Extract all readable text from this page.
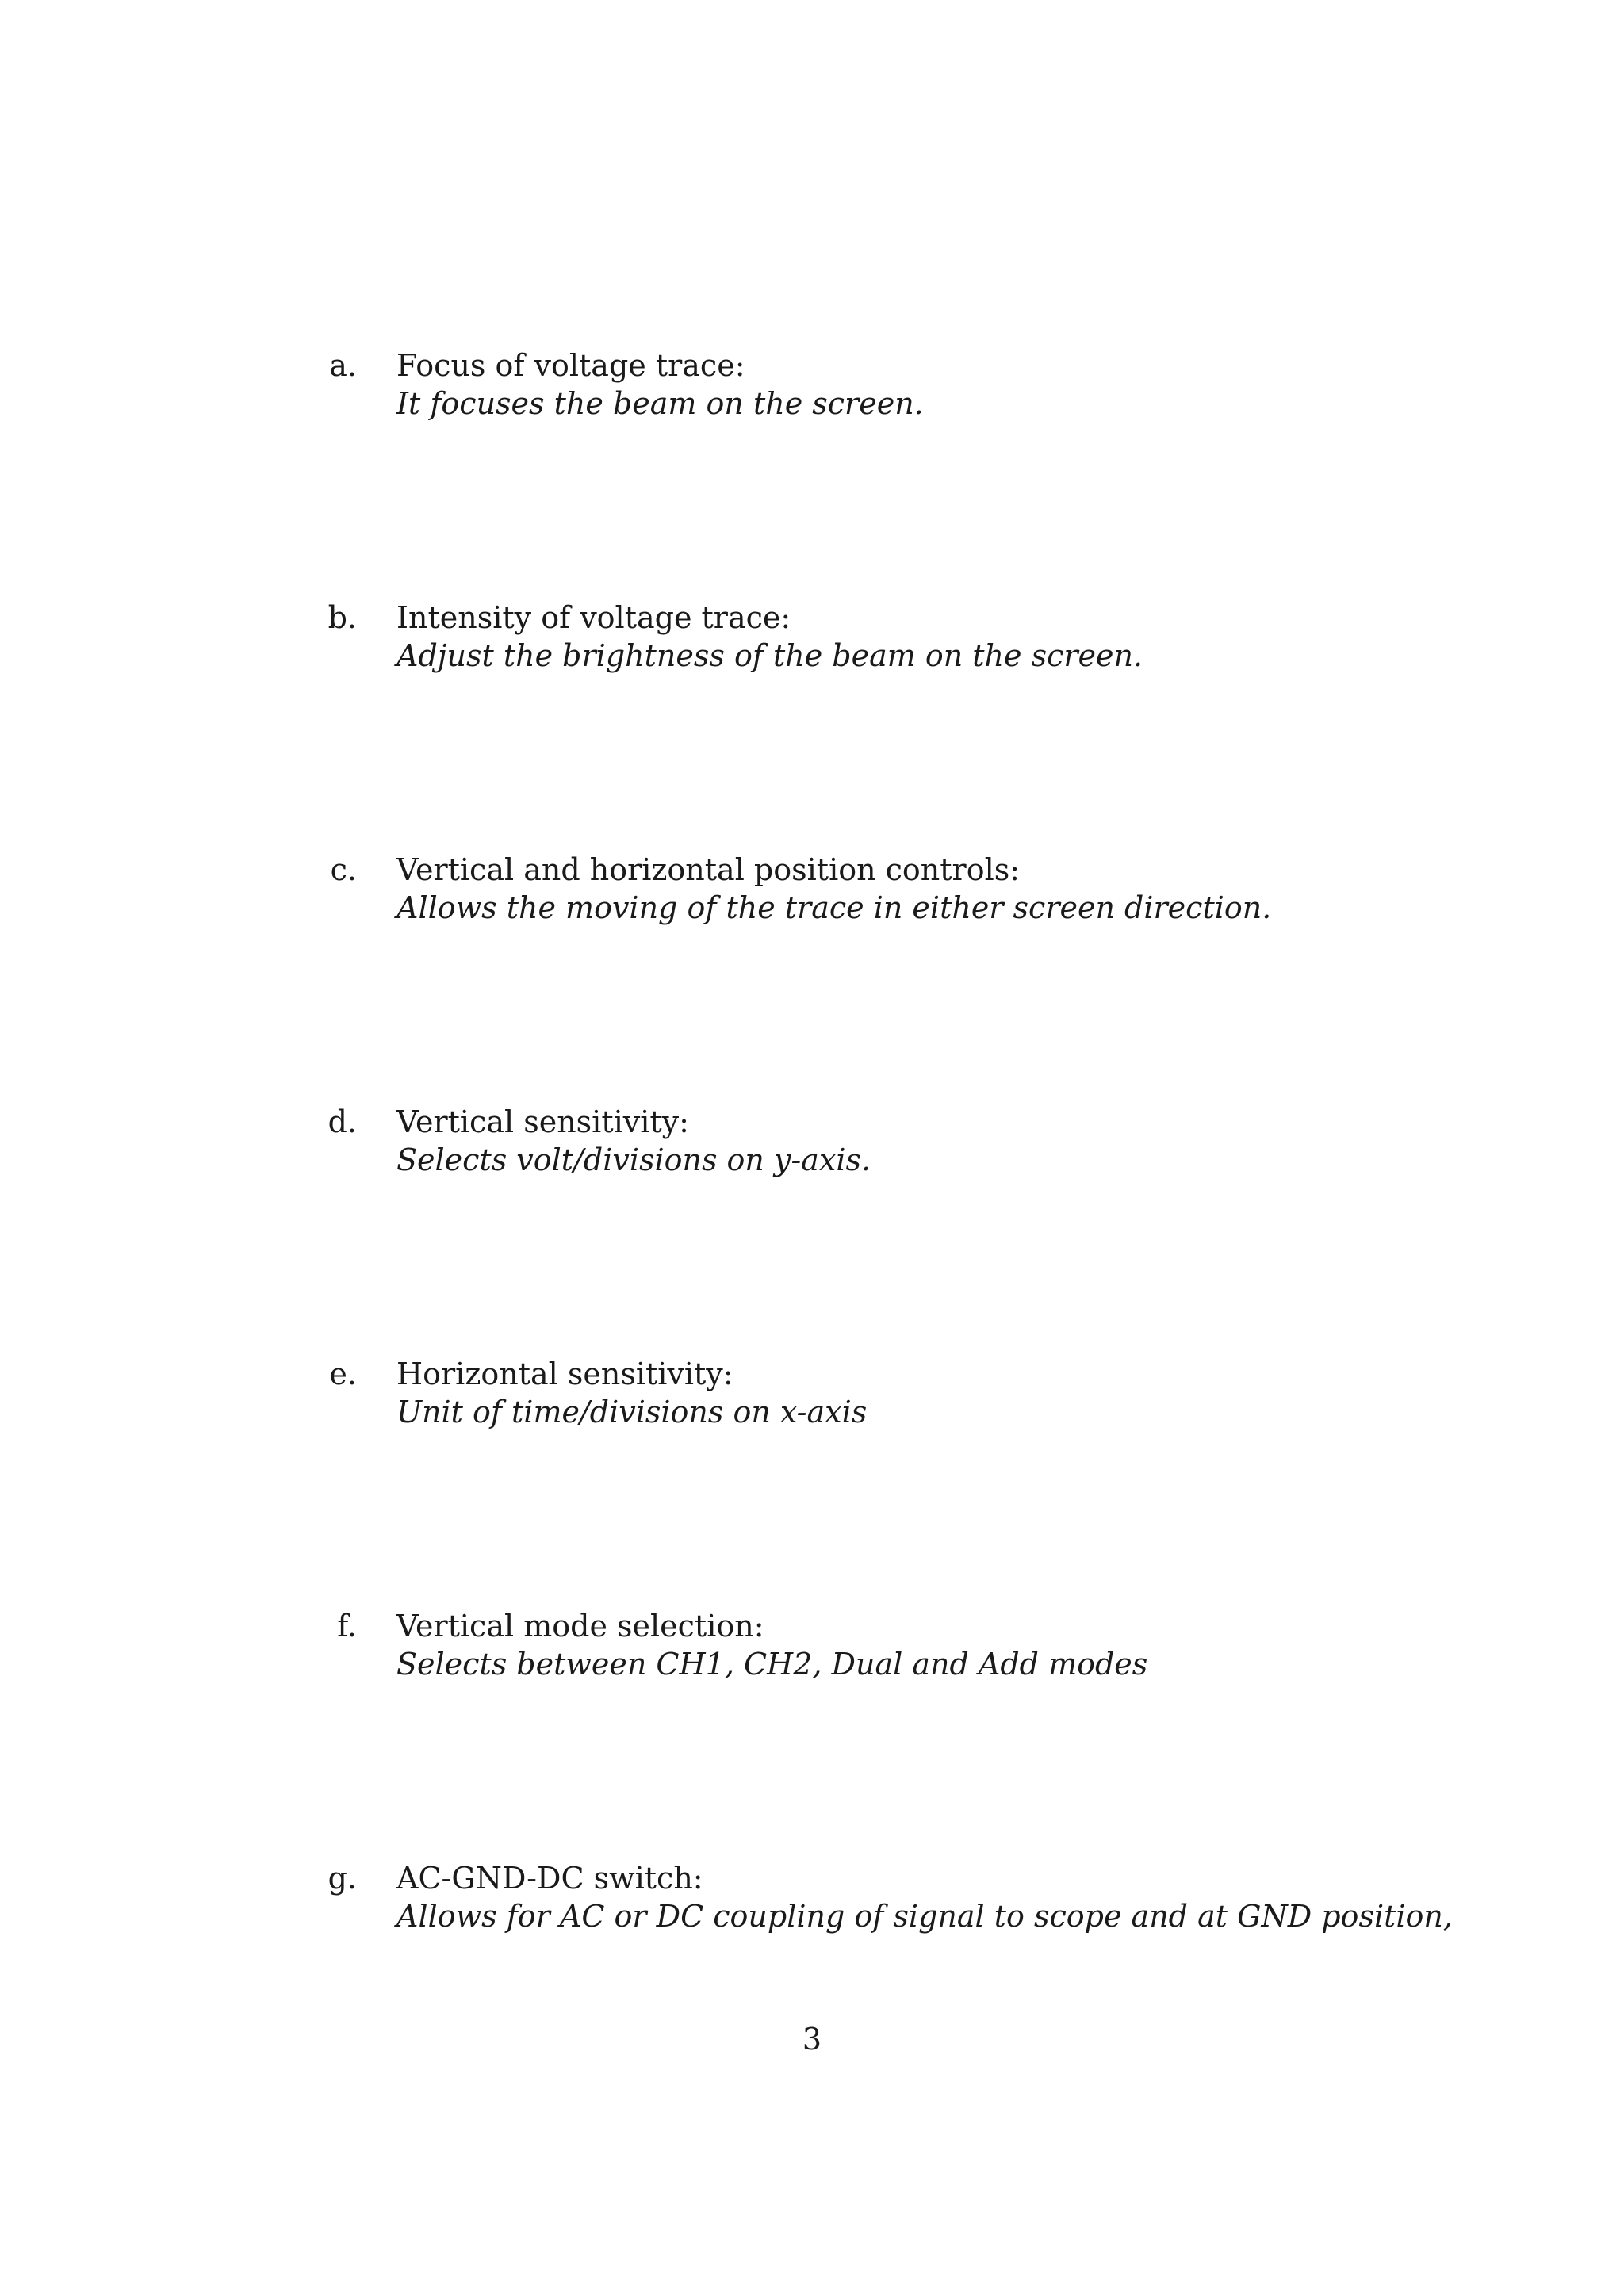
a. Focus of voltage trace:
It focuses the beam on the screen.
b. Intensity of voltage trace:
Adjust the brightness of the beam on the screen.
c. Vertical and horizontal position controls:
Allows the moving of the trace in either screen direction.
d. Vertical sensitivity:
Selects volt/divisions on y-axis.
e. Horizontal sensitivity:
Unit of time/divisions on x-axis
f. Vertical mode selection:
Selects between CH1, CH2, Dual and Add modes
g. AC-GND-DC switch:
Allows for AC or DC coupling of signal to scope and at GND position,
3
